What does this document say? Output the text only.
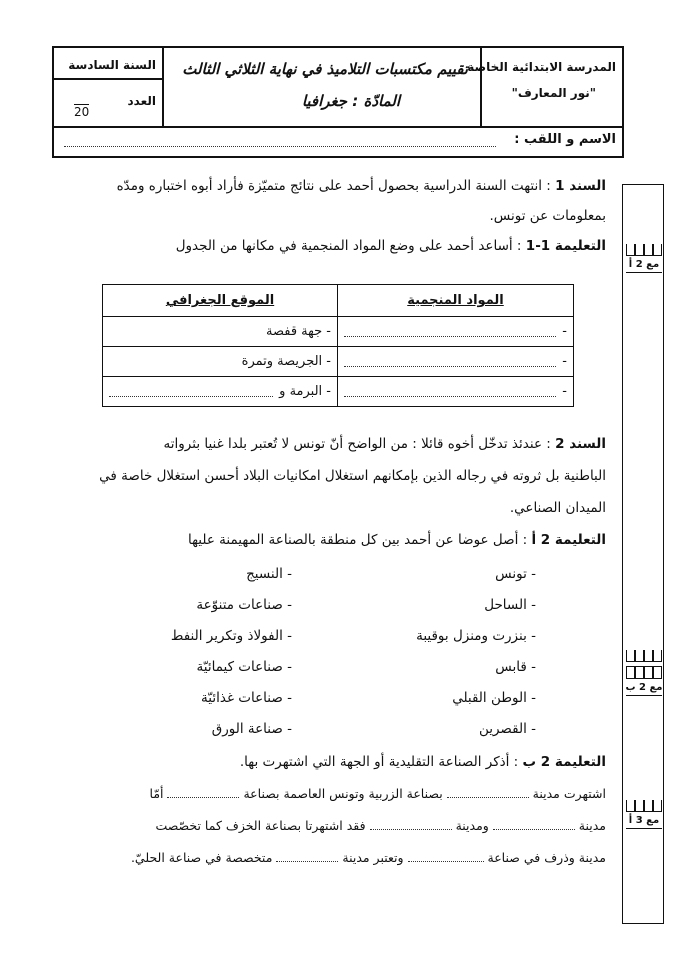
المدرسة الابتدائية الخاصة
"نور المعارف"
تقييم مكتسبات التلاميذ في نهاية الثلاثي الثالث
المادّة : جغرافيا
السنة السادسة
العدد
20
الاسم و اللقب :
مع 2 أ
مع 2 ب
مع 3 أ
السند 1 : انتهت السنة الدراسية بحصول أحمد على نتائج متميّزة فأراد أبوه اختباره ومدّه
بمعلومات عن تونس.
التعليمة 1-1 : أساعد أحمد على وضع المواد المنجمية في مكانها من الجدول
المواد المنجمية	الموقع الجغرافي

-	- جهة قفصة

-	- الجريصة وتمرة

-	- البرمة و
السند 2 : عندئذ تدخّل أخوه قائلا : من الواضح أنّ تونس لا تُعتبر بلدا غنيا بثرواته
الباطنية بل ثروته في رجاله الذين بإمكانهم استغلال امكانيات البلاد أحسن استغلال خاصة في
الميدان الصناعي.
التعليمة 2 أ : أصل عوضا عن أحمد بين كل منطقة بالصناعة المهيمنة عليها
- تونس
- الساحل
- بنزرت ومنزل بوقيبة
- قابس
- الوطن القبلي
- القصرين
- النسيج
- صناعات متنوّعة
- الفولاذ وتكرير النفط
- صناعات كيمائيّة
- صناعات غذائيّة
- صناعة الورق
التعليمة 2 ب : أذكر الصناعة التقليدية أو الجهة التي اشتهرت بها.
اشتهرت مدينة  بصناعة الزربية وتونس العاصمة بصناعة  أمّا
مدينة  ومدينة  فقد اشتهرتا بصناعة الخزف كما تخصّصت
مدينة وذرف في صناعة  وتعتبر مدينة  متخصصة في صناعة الحليّ.
